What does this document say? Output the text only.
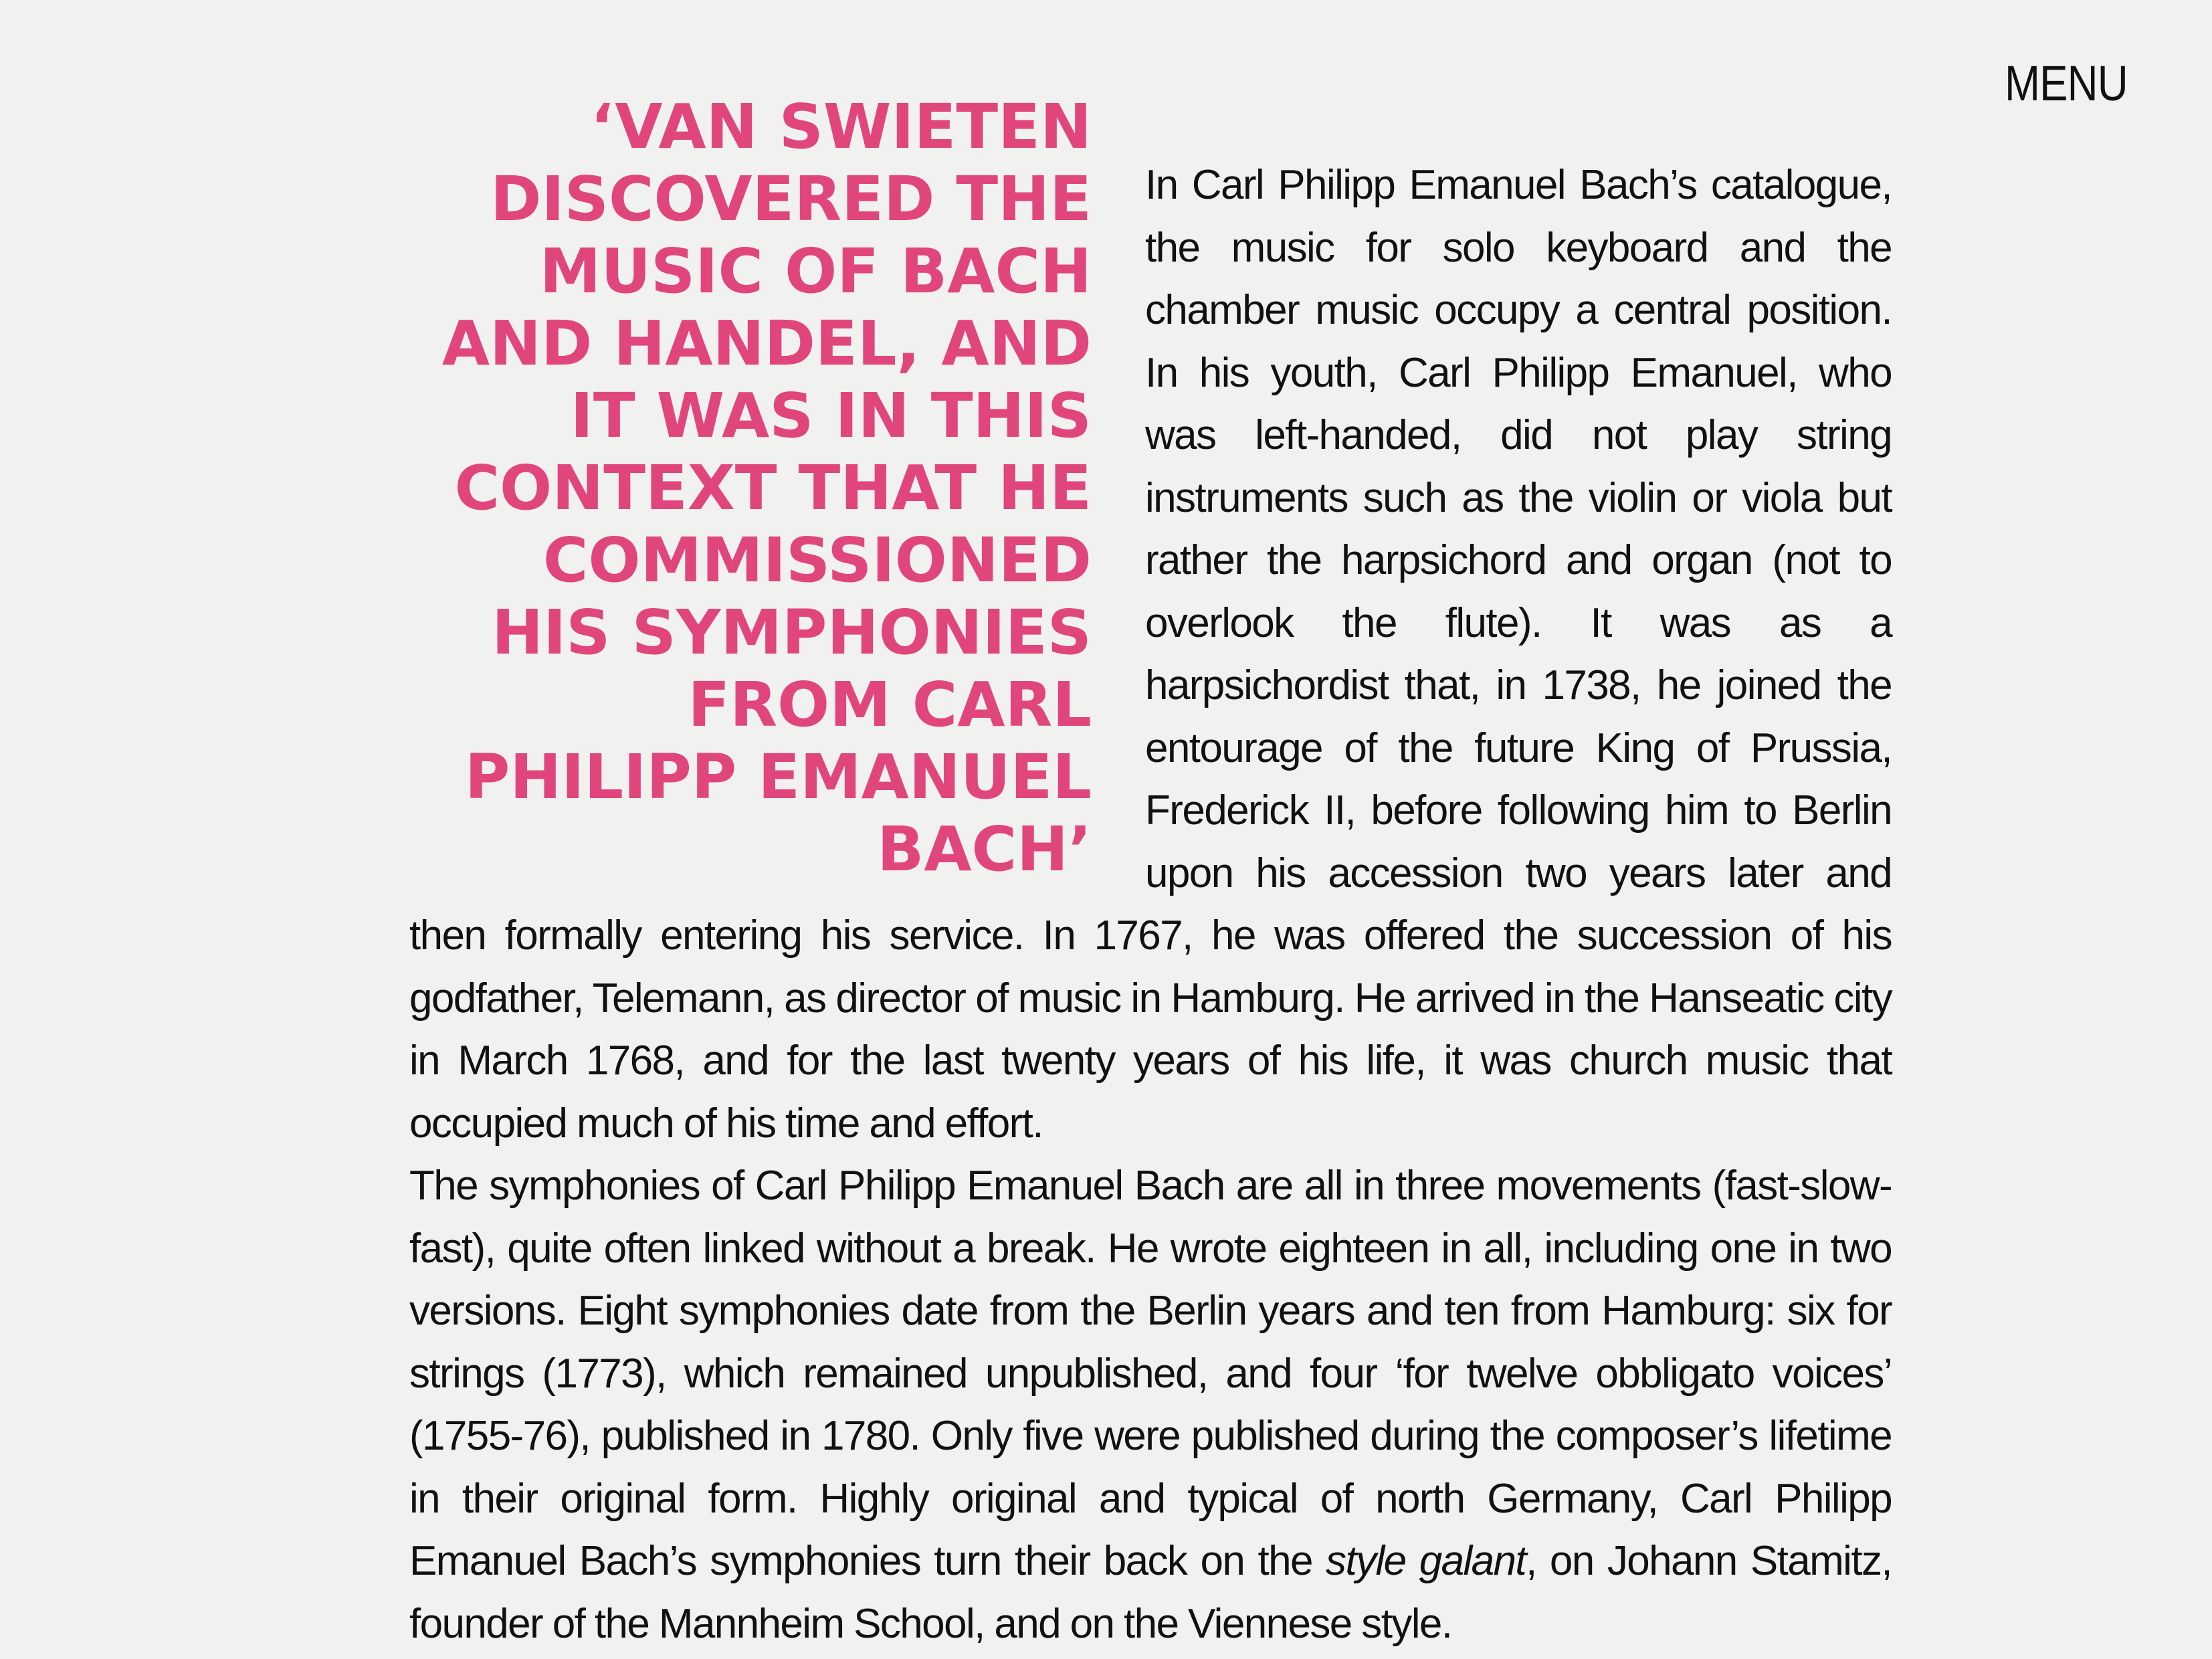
MENU
‘VAN SWIETEN DISCOVERED THE MUSIC OF BACH AND HANDEL, AND IT WAS IN THIS CONTEXT THAT HE COMMISSIONED HIS SYMPHONIES FROM CARL PHILIPP EMANUEL BACH’

In Carl Philipp Emanuel Bach’s catalogue, the music for solo keyboard and the chamber music occupy a central position. In his youth, Carl Philipp Emanuel, who was left-handed, did not play string instruments such as the violin or viola but rather the harpsichord and organ (not to overlook the flute). It was as a harpsichordist that, in 1738, he joined the entourage of the future King of Prussia, Frederick II, before following him to Berlin upon his accession two years later and then formally entering his service. In 1767, he was offered the succession of his godfather, Telemann, as director of music in Hamburg. He arrived in the Hanseatic city in March 1768, and for the last twenty years of his life, it was church music that occupied much of his time and effort.

The symphonies of Carl Philipp Emanuel Bach are all in three movements (fast-slow-fast), quite often linked without a break. He wrote eighteen in all, including one in two versions. Eight symphonies date from the Berlin years and ten from Hamburg: six for strings (1773), which remained unpublished, and four ‘for twelve obbligato voices’ (1755-76), published in 1780. Only five were published during the composer’s lifetime in their original form. Highly original and typical of north Germany, Carl Philipp Emanuel Bach’s symphonies turn their back on the style galant, on Johann Stamitz, founder of the Mannheim School, and on the Viennese style.
